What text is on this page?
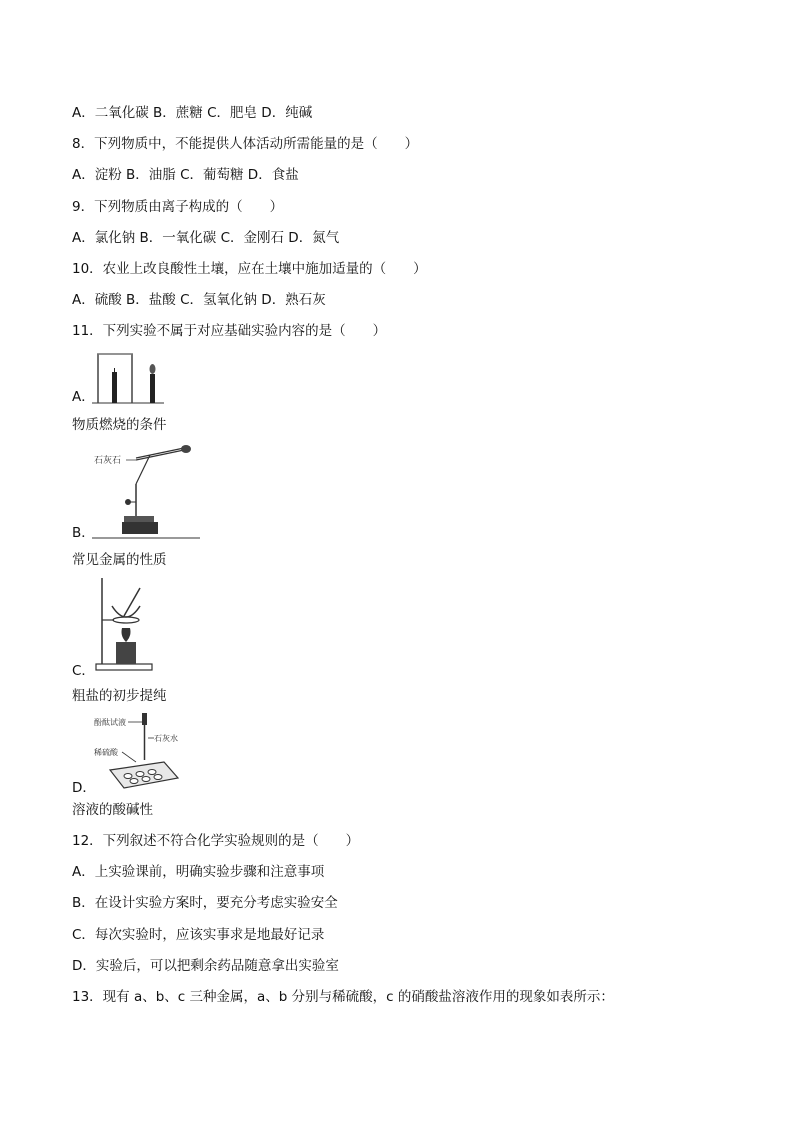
A．二氧化碳 B．蔗糖 C．肥皂 D．纯碱
8．下列物质中，不能提供人体活动所需能量的是（　　）
A．淀粉 B．油脂 C．葡萄糖 D．食盐
9．下列物质由离子构成的（　　）
A．氯化钠 B．一氧化碳 C．金刚石 D．氮气
10．农业上改良酸性土壤，应在土壤中施加适量的（　　）
A．硫酸 B．盐酸 C．氢氧化钠 D．熟石灰
11．下列实验不属于对应基础实验内容的是（　　）
A．
物质燃烧的条件
石灰石
B．
常见金属的性质
C．
粗盐的初步提纯
酚酞试液
稀硫酸
石灰水
D．
溶液的酸碱性
12．下列叙述不符合化学实验规则的是（　　）
A．上实验课前，明确实验步骤和注意事项
B．在设计实验方案时，要充分考虑实验安全
C．每次实验时，应该实事求是地最好记录
D．实验后，可以把剩余药品随意拿出实验室
13．现有 a、b、c 三种金属，a、b 分别与稀硫酸，c 的硝酸盐溶液作用的现象如表所示：
